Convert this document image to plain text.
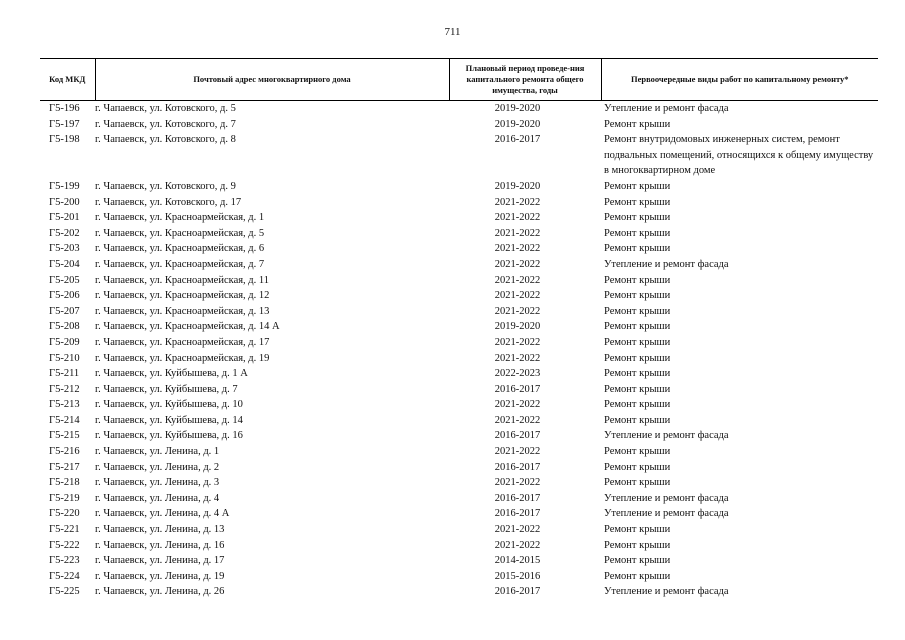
711
Код МКД	Почтовый адрес многоквартирного дома	Плановый период проведе-ния капитального ремонта общего имущества, годы	Первоочередные виды работ по капитальному ремонту*
Г5-196	г. Чапаевск, ул. Котовского, д. 5	2019-2020	Утепление и ремонт фасада
Г5-197	г. Чапаевск, ул. Котовского, д. 7	2019-2020	Ремонт крыши
Г5-198	г. Чапаевск, ул. Котовского, д. 8	2016-2017	Ремонт внутридомовых инженерных систем, ремонт подвальных помещений, относящихся к общему имуществу в многоквартирном доме
Г5-199	г. Чапаевск, ул. Котовского, д. 9	2019-2020	Ремонт крыши
Г5-200	г. Чапаевск, ул. Котовского, д. 17	2021-2022	Ремонт крыши
Г5-201	г. Чапаевск, ул. Красноармейская, д. 1	2021-2022	Ремонт крыши
Г5-202	г. Чапаевск, ул. Красноармейская, д. 5	2021-2022	Ремонт крыши
Г5-203	г. Чапаевск, ул. Красноармейская, д. 6	2021-2022	Ремонт крыши
Г5-204	г. Чапаевск, ул. Красноармейская, д. 7	2021-2022	Утепление и ремонт фасада
Г5-205	г. Чапаевск, ул. Красноармейская, д. 11	2021-2022	Ремонт крыши
Г5-206	г. Чапаевск, ул. Красноармейская, д. 12	2021-2022	Ремонт крыши
Г5-207	г. Чапаевск, ул. Красноармейская, д. 13	2021-2022	Ремонт крыши
Г5-208	г. Чапаевск, ул. Красноармейская, д. 14 А	2019-2020	Ремонт крыши
Г5-209	г. Чапаевск, ул. Красноармейская, д. 17	2021-2022	Ремонт крыши
Г5-210	г. Чапаевск, ул. Красноармейская, д. 19	2021-2022	Ремонт крыши
Г5-211	г. Чапаевск, ул. Куйбышева, д. 1 А	2022-2023	Ремонт крыши
Г5-212	г. Чапаевск, ул. Куйбышева, д. 7	2016-2017	Ремонт крыши
Г5-213	г. Чапаевск, ул. Куйбышева, д. 10	2021-2022	Ремонт крыши
Г5-214	г. Чапаевск, ул. Куйбышева, д. 14	2021-2022	Ремонт крыши
Г5-215	г. Чапаевск, ул. Куйбышева, д. 16	2016-2017	Утепление и ремонт фасада
Г5-216	г. Чапаевск, ул. Ленина, д. 1	2021-2022	Ремонт крыши
Г5-217	г. Чапаевск, ул. Ленина, д. 2	2016-2017	Ремонт крыши
Г5-218	г. Чапаевск, ул. Ленина, д. 3	2021-2022	Ремонт крыши
Г5-219	г. Чапаевск, ул. Ленина, д. 4	2016-2017	Утепление и ремонт фасада
Г5-220	г. Чапаевск, ул. Ленина, д. 4 А	2016-2017	Утепление и ремонт фасада
Г5-221	г. Чапаевск, ул. Ленина, д. 13	2021-2022	Ремонт крыши
Г5-222	г. Чапаевск, ул. Ленина, д. 16	2021-2022	Ремонт крыши
Г5-223	г. Чапаевск, ул. Ленина, д. 17	2014-2015	Ремонт крыши
Г5-224	г. Чапаевск, ул. Ленина, д. 19	2015-2016	Ремонт крыши
Г5-225	г. Чапаевск, ул. Ленина, д. 26	2016-2017	Утепление и ремонт фасада
